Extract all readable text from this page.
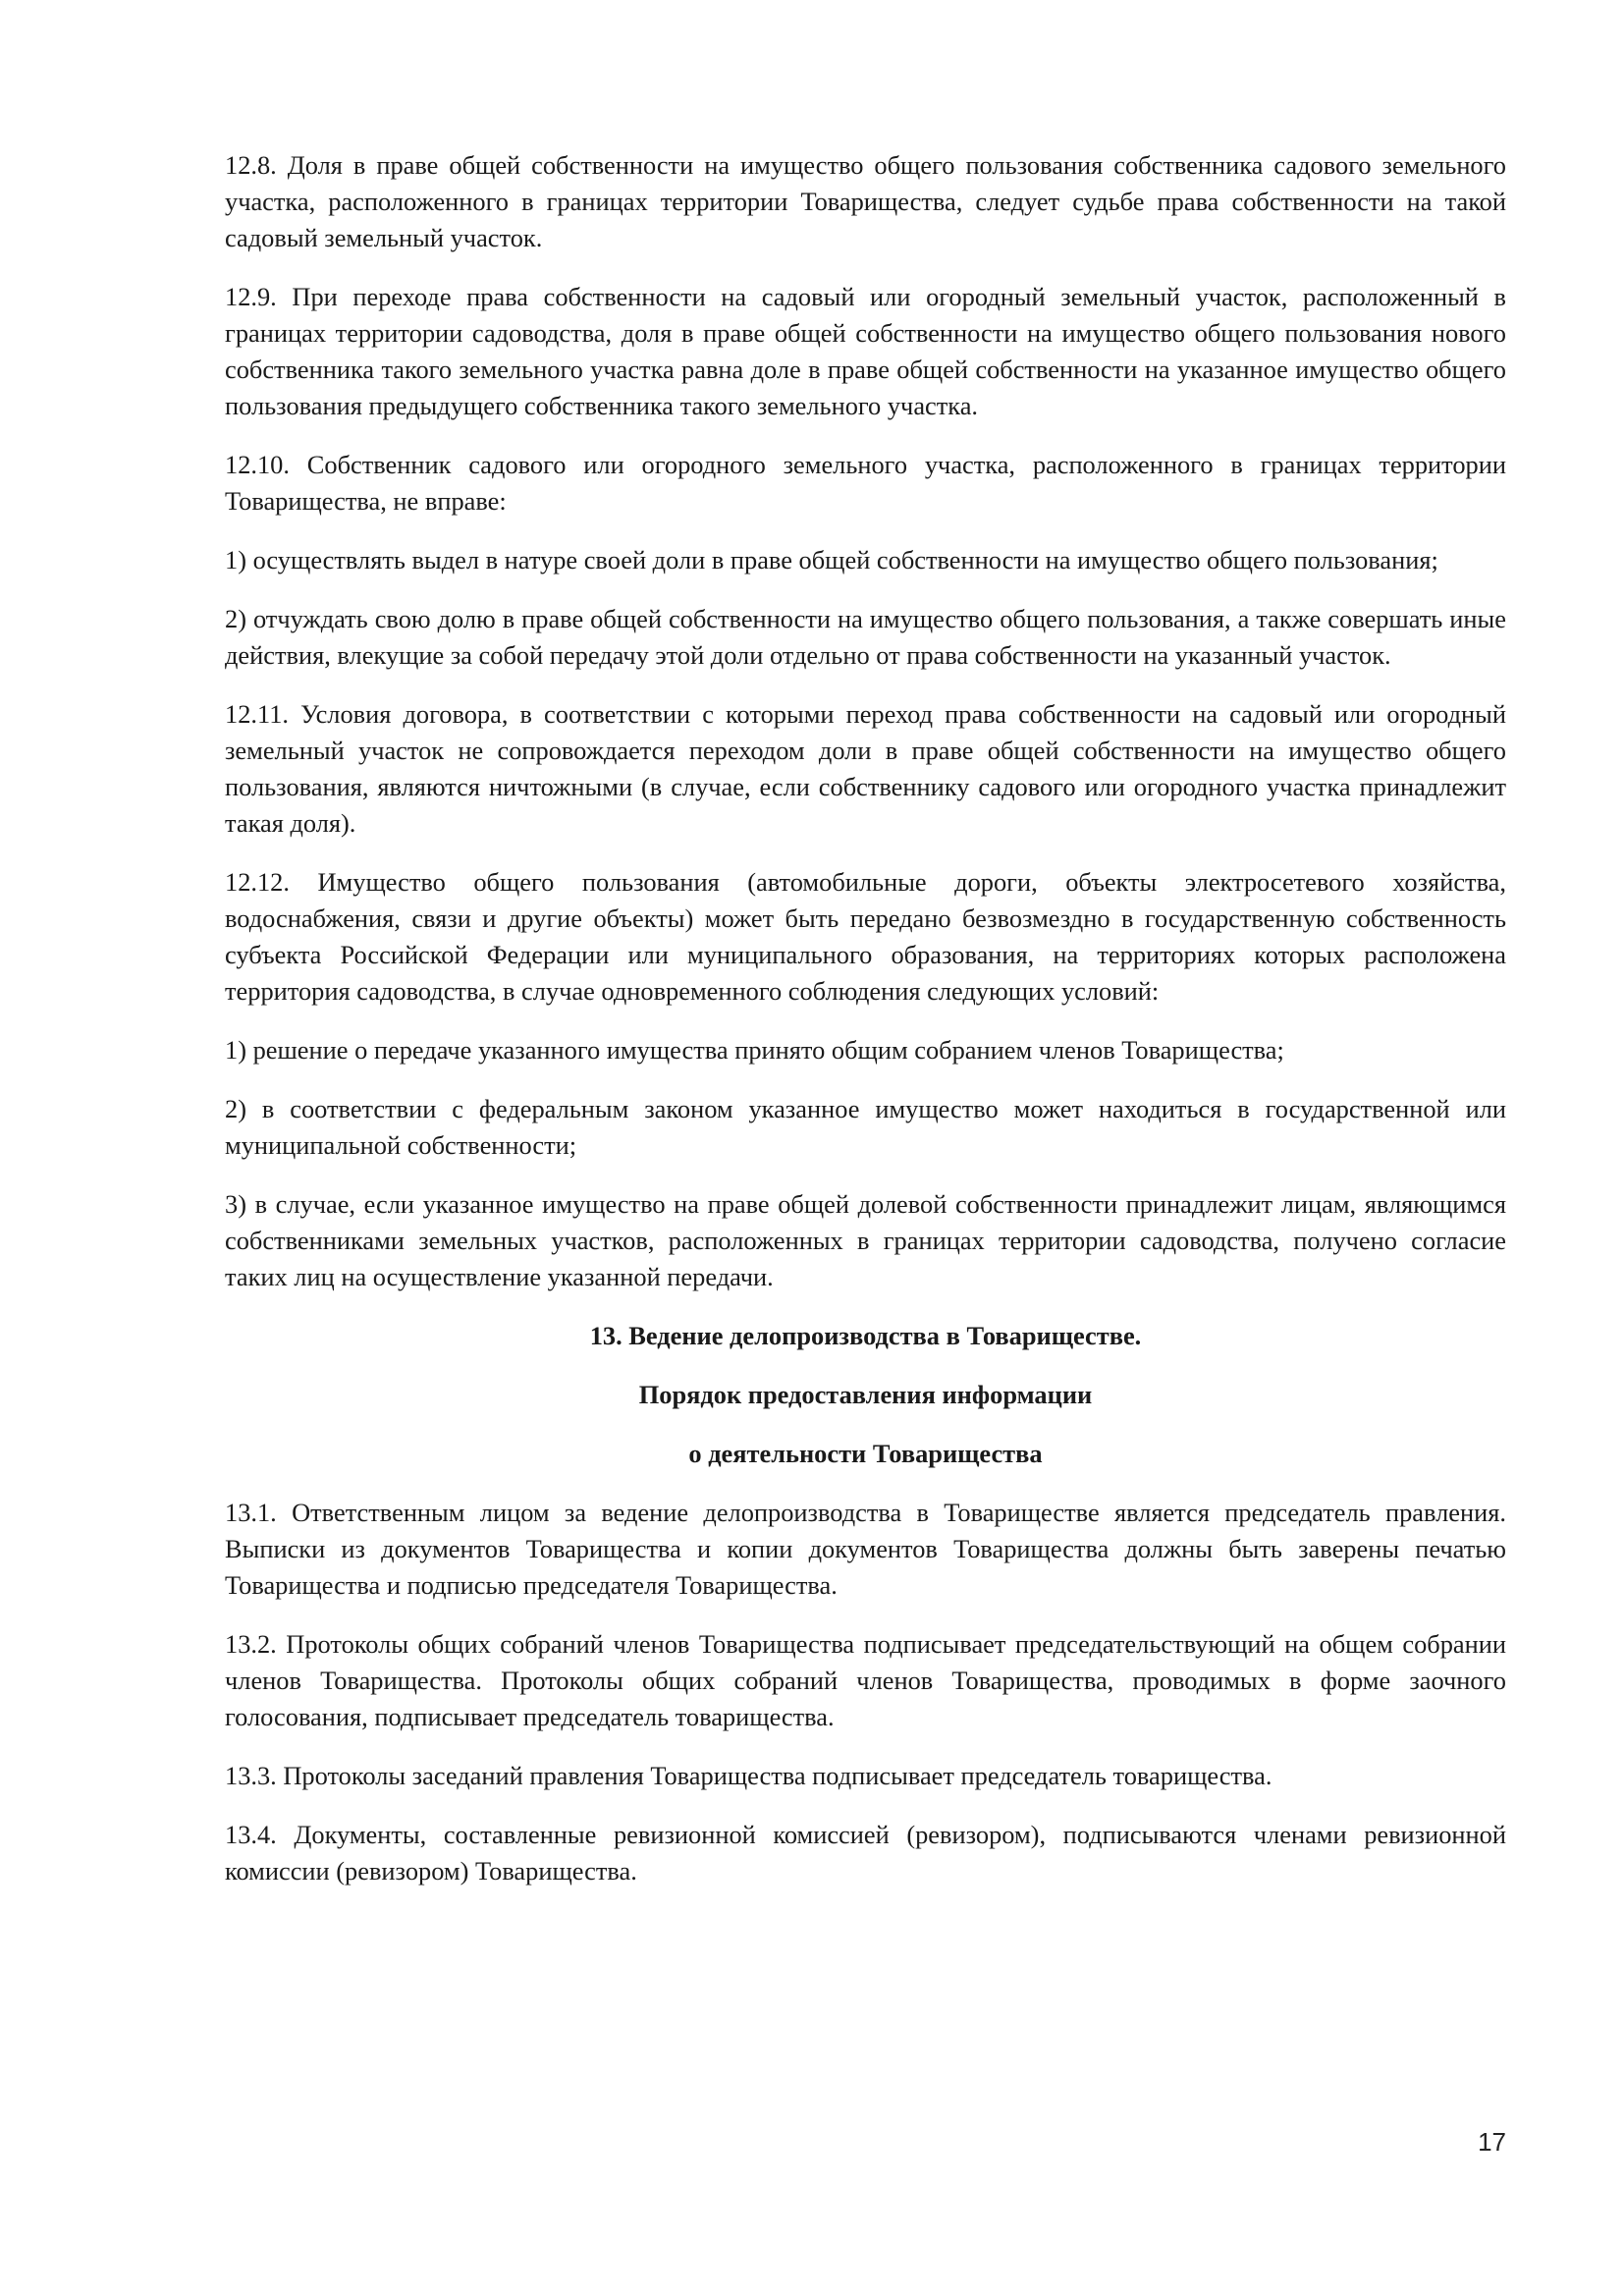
12.8. Доля в праве общей собственности на имущество общего пользования собственника садового земельного участка, расположенного в границах территории Товарищества, следует судьбе права собственности на такой садовый земельный участок.

12.9. При переходе права собственности на садовый или огородный земельный участок, расположенный в границах территории садоводства, доля в праве общей собственности на имущество общего пользования нового собственника такого земельного участка равна доле в праве общей собственности на указанное имущество общего пользования предыдущего собственника такого земельного участка.

12.10. Собственник садового или огородного земельного участка, расположенного в границах территории Товарищества, не вправе:

1) осуществлять выдел в натуре своей доли в праве общей собственности на имущество общего пользования;

2) отчуждать свою долю в праве общей собственности на имущество общего пользования, а также совершать иные действия, влекущие за собой передачу этой доли отдельно от права собственности на указанный участок.

12.11. Условия договора, в соответствии с которыми переход права собственности на садовый или огородный земельный участок не сопровождается переходом доли в праве общей собственности на имущество общего пользования, являются ничтожными (в случае, если собственнику садового или огородного участка принадлежит такая доля).

12.12. Имущество общего пользования (автомобильные дороги, объекты электросетевого хозяйства, водоснабжения, связи и другие объекты) может быть передано безвозмездно в государственную собственность субъекта Российской Федерации или муниципального образования, на территориях которых расположена территория садоводства, в случае одновременного соблюдения следующих условий:

1) решение о передаче указанного имущества принято общим собранием членов Товарищества;

2) в соответствии с федеральным законом указанное имущество может находиться в государственной или муниципальной собственности;

3) в случае, если указанное имущество на праве общей долевой собственности принадлежит лицам, являющимся собственниками земельных участков, расположенных в границах территории садоводства, получено согласие таких лиц на осуществление указанной передачи.

13. Ведение делопроизводства в Товариществе.

Порядок предоставления информации

о деятельности Товарищества

13.1. Ответственным лицом за ведение делопроизводства в Товариществе является председатель правления. Выписки из документов Товарищества и копии документов Товарищества должны быть заверены печатью Товарищества и подписью председателя Товарищества.

13.2. Протоколы общих собраний членов Товарищества подписывает председательствующий на общем собрании членов Товарищества. Протоколы общих собраний членов Товарищества, проводимых в форме заочного голосования, подписывает председатель товарищества.

13.3. Протоколы заседаний правления Товарищества подписывает председатель товарищества.

13.4. Документы, составленные ревизионной комиссией (ревизором), подписываются членами ревизионной комиссии (ревизором) Товарищества.

17
